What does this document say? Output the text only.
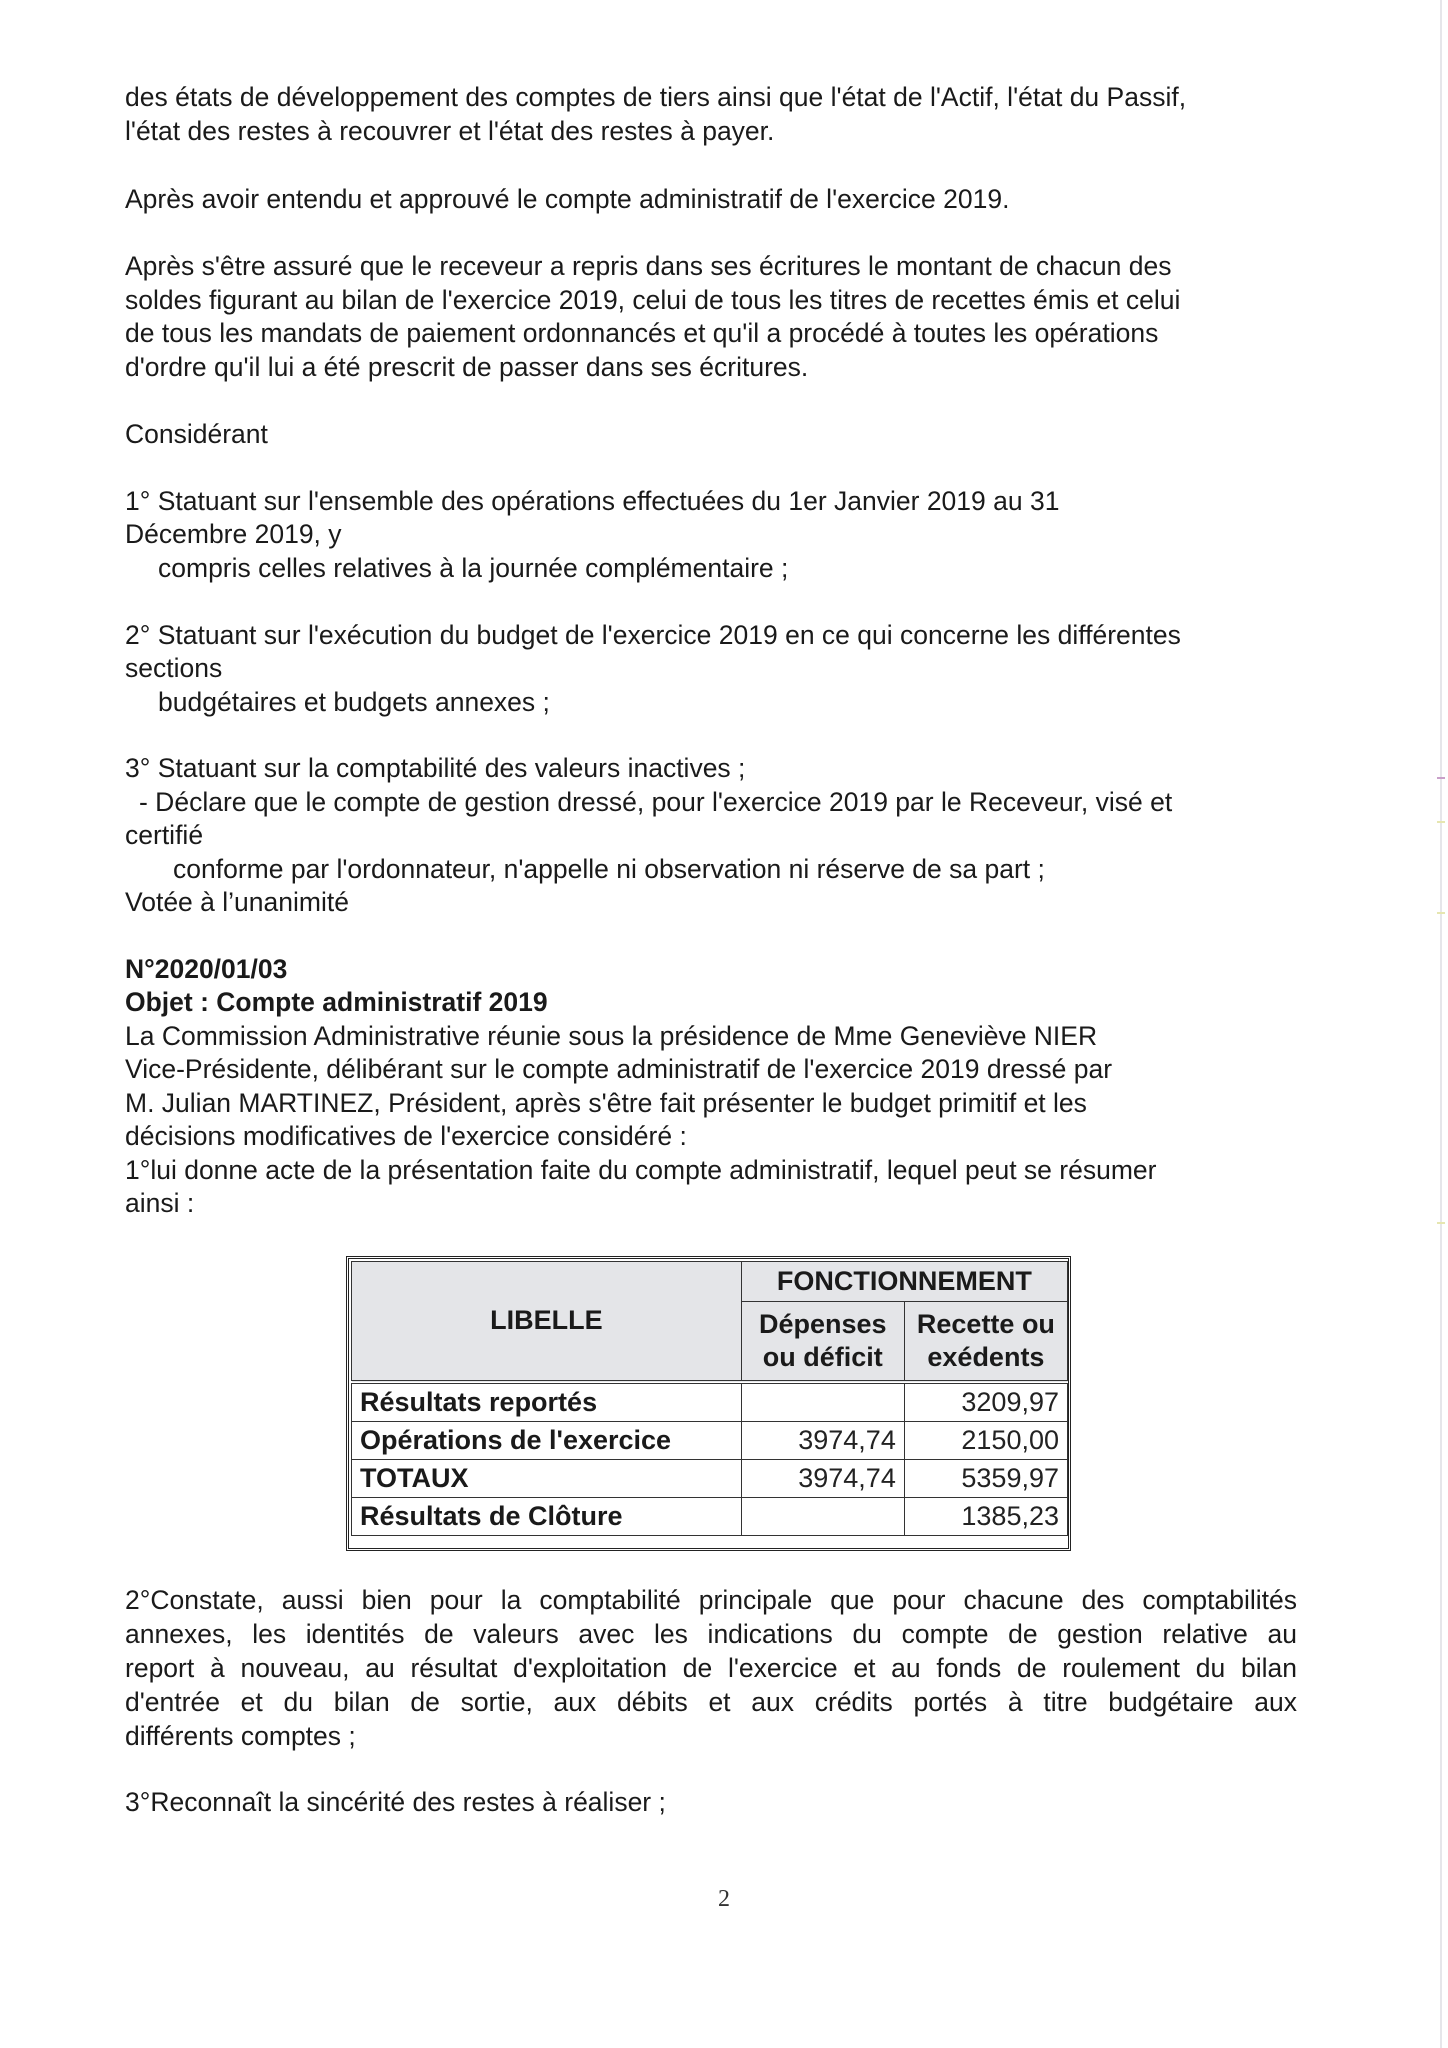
des états de développement des comptes de tiers ainsi que l'état de l'Actif, l'état du Passif,
l'état des restes à recouvrer et l'état des restes à payer.
Après avoir entendu et approuvé le compte administratif de l'exercice 2019.
Après s'être assuré que le receveur a repris dans ses écritures le montant de chacun des
soldes figurant au bilan de l'exercice 2019, celui de tous les titres de recettes émis et celui
de tous les mandats de paiement ordonnancés et qu'il a procédé à toutes les opérations
d'ordre qu'il lui a été prescrit de passer dans ses écritures.
Considérant
1° Statuant sur l'ensemble des opérations effectuées du 1er Janvier 2019 au 31
Décembre 2019, y
compris celles relatives à la journée complémentaire ;
2° Statuant sur l'exécution du budget de l'exercice 2019 en ce qui concerne les différentes
sections
budgétaires et budgets annexes ;
3° Statuant sur la comptabilité des valeurs inactives ;
- Déclare que le compte de gestion dressé, pour l'exercice 2019 par le Receveur, visé et
certifié
conforme par l'ordonnateur, n'appelle ni observation ni réserve de sa part ;
Votée à l’unanimité
N°2020/01/03
Objet : Compte administratif 2019
La Commission Administrative réunie sous la présidence de Mme Geneviève NIER
Vice-Présidente, délibérant sur le compte administratif de l'exercice 2019 dressé par
M. Julian MARTINEZ, Président, après s'être fait présenter le budget primitif et les
décisions modificatives de l'exercice considéré :
1°lui donne acte de la présentation faite du compte administratif, lequel peut se résumer
ainsi :
LIBELLE	FONCTIONNEMENT	
	Dépenses
ou déficit	Recette ou
exédents
Résultats reportés		3209,97
Opérations de l'exercice	3974,74	2150,00
TOTAUX	3974,74	5359,97
Résultats de Clôture		1385,23
2°Constate, aussi bien pour la comptabilité principale que pour chacune des comptabilités
annexes, les identités de valeurs avec les indications du compte de gestion relative au
report à nouveau, au résultat d'exploitation de l'exercice et au fonds de roulement du bilan
d'entrée et du bilan de sortie, aux débits et aux crédits portés à titre budgétaire aux
différents comptes ;
3°Reconnaît la sincérité des restes à réaliser ;
2
